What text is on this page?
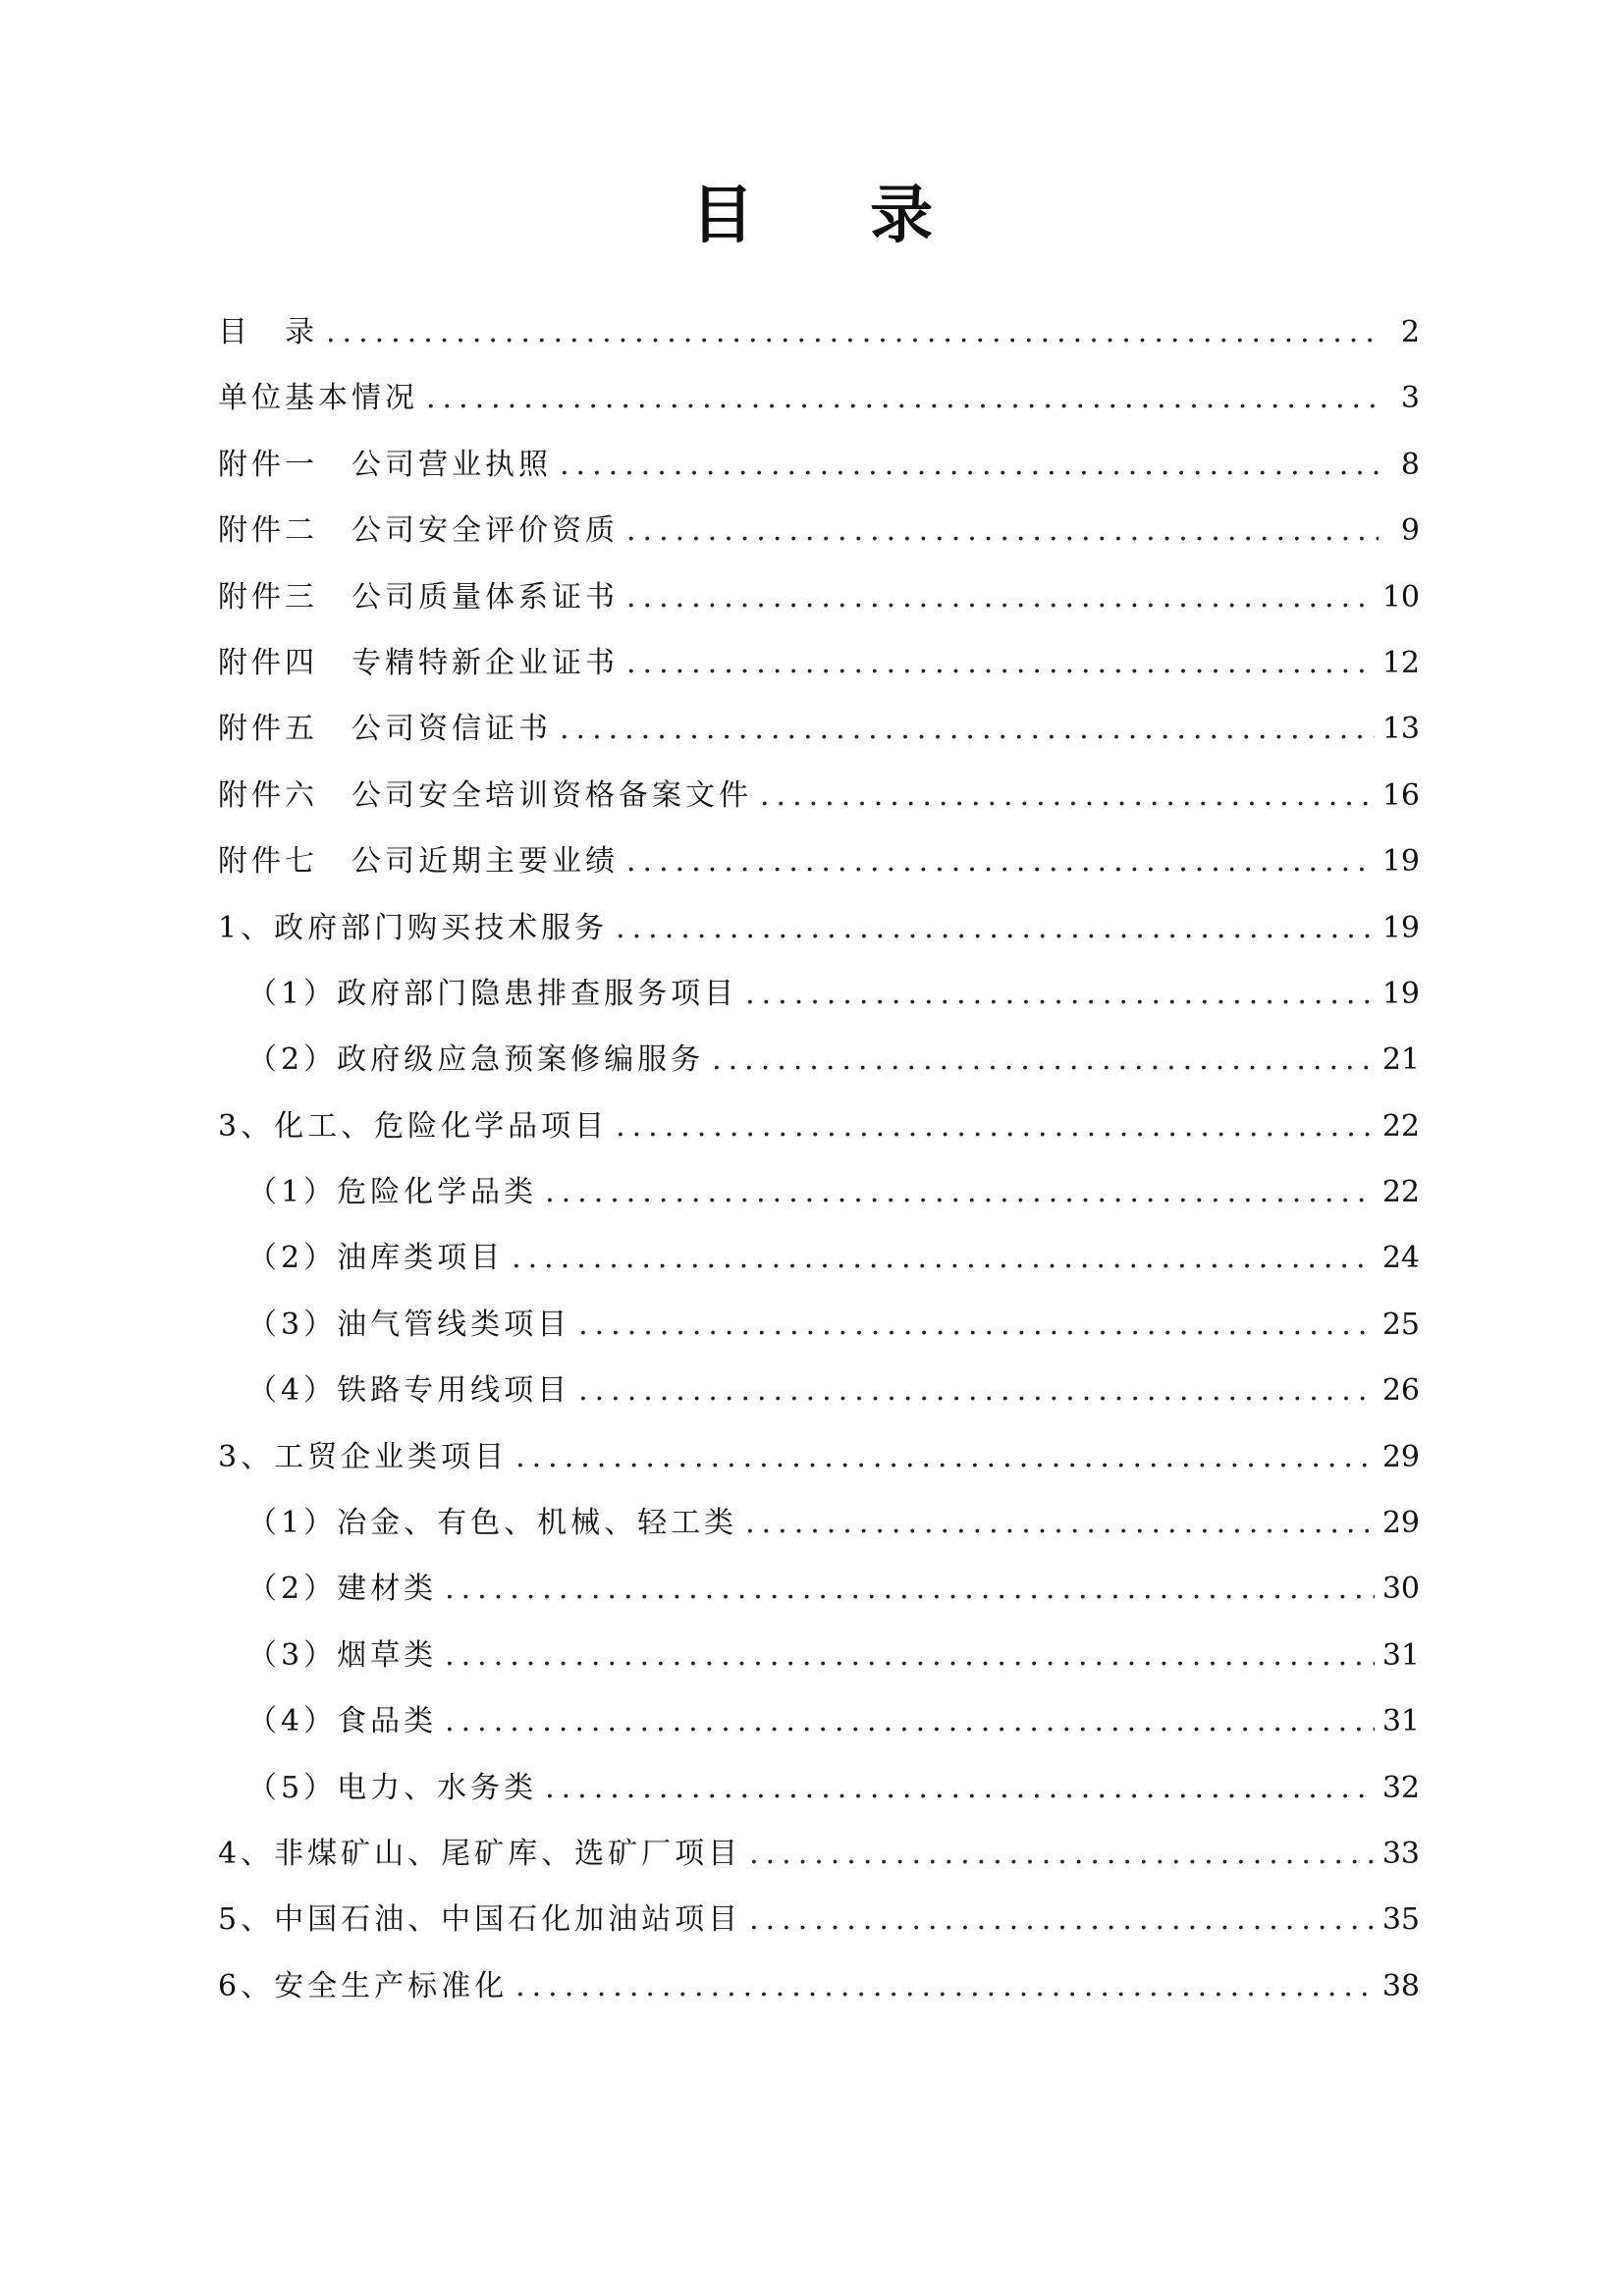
目 录
目　录 .....	2
单位基本情况 .....	3
附件一　公司营业执照 .....	8
附件二　公司安全评价资质 .....	9
附件三　公司质量体系证书 .....	10
附件四　专精特新企业证书 .....	12
附件五　公司资信证书 .....	13
附件六　公司安全培训资格备案文件 .....	16
附件七　公司近期主要业绩 .....	19
1、政府部门购买技术服务 .....	19
（1）政府部门隐患排查服务项目 .....	19
（2）政府级应急预案修编服务 .....	21
3、化工、危险化学品项目 .....	22
（1）危险化学品类 .....	22
（2）油库类项目 .....	24
（3）油气管线类项目 .....	25
（4）铁路专用线项目 .....	26
3、工贸企业类项目 .....	29
（1）冶金、有色、机械、轻工类 .....	29
（2）建材类 .....	30
（3）烟草类 .....	31
（4）食品类 .....	31
（5）电力、水务类 .....	32
4、非煤矿山、尾矿库、选矿厂项目 .....	33
5、中国石油、中国石化加油站项目 .....	35
6、安全生产标准化 .....	38
